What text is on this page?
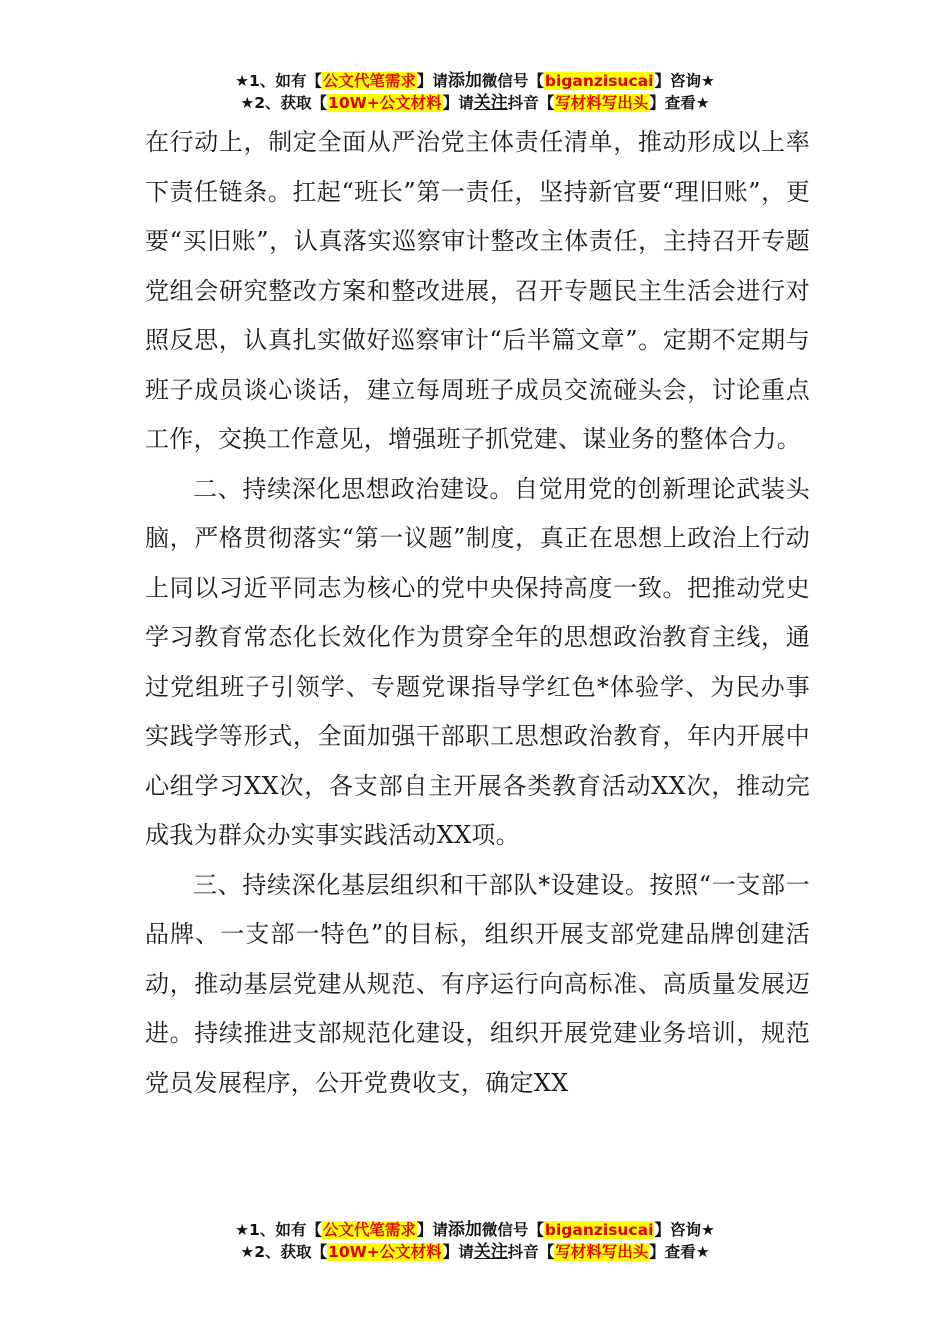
★1、如有【公文代笔需求】请添加微信号【biganzisucai】咨询★
★2、获取【10W+公文材料】请关注抖音【写材料写出头】查看★

在行动上，制定全面从严治党主体责任清单，推动形成以上率下责任链条。扛起“班长”第一责任，坚持新官要“理旧账”，更要“买旧账”，认真落实巡察审计整改主体责任，主持召开专题党组会研究整改方案和整改进展，召开专题民主生活会进行对照反思，认真扎实做好巡察审计“后半篇文章”。定期不定期与班子成员谈心谈话，建立每周班子成员交流碰头会，讨论重点工作，交换工作意见，增强班子抓党建、谋业务的整体合力。

二、持续深化思想政治建设。自觉用党的创新理论武装头脑，严格贯彻落实“第一议题”制度，真正在思想上政治上行动上同以习近平同志为核心的党中央保持高度一致。把推动党史学习教育常态化长效化作为贯穿全年的思想政治教育主线，通过党组班子引领学、专题党课指导学红色*体验学、为民办事实践学等形式，全面加强干部职工思想政治教育，年内开展中心组学习XX次，各支部自主开展各类教育活动XX次，推动完成我为群众办实事实践活动XX项。

三、持续深化基层组织和干部队*设建设。按照“一支部一品牌、一支部一特色”的目标，组织开展支部党建品牌创建活动，推动基层党建从规范、有序运行向高标准、高质量发展迈进。持续推进支部规范化建设，组织开展党建业务培训，规范党员发展程序，公开党费收支，确定XX

★1、如有【公文代笔需求】请添加微信号【biganzisucai】咨询★
★2、获取【10W+公文材料】请关注抖音【写材料写出头】查看★
